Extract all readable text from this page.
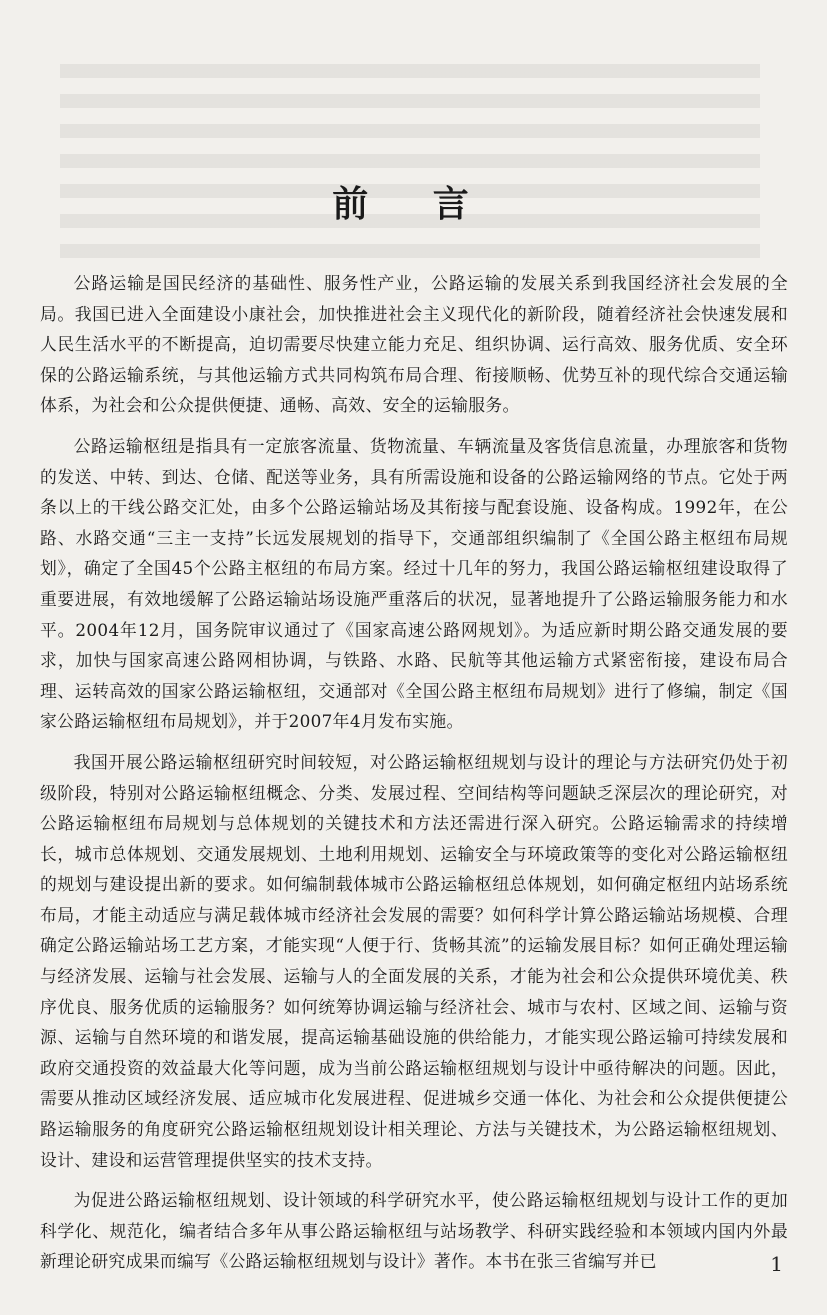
前 言

公路运输是国民经济的基础性、服务性产业，公路运输的发展关系到我国经济社会发展的全局。我国已进入全面建设小康社会，加快推进社会主义现代化的新阶段，随着经济社会快速发展和人民生活水平的不断提高，迫切需要尽快建立能力充足、组织协调、运行高效、服务优质、安全环保的公路运输系统，与其他运输方式共同构筑布局合理、衔接顺畅、优势互补的现代综合交通运输体系，为社会和公众提供便捷、通畅、高效、安全的运输服务。

公路运输枢纽是指具有一定旅客流量、货物流量、车辆流量及客货信息流量，办理旅客和货物的发送、中转、到达、仓储、配送等业务，具有所需设施和设备的公路运输网络的节点。它处于两条以上的干线公路交汇处，由多个公路运输站场及其衔接与配套设施、设备构成。1992年，在公路、水路交通“三主一支持”长远发展规划的指导下，交通部组织编制了《全国公路主枢纽布局规划》，确定了全国45个公路主枢纽的布局方案。经过十几年的努力，我国公路运输枢纽建设取得了重要进展，有效地缓解了公路运输站场设施严重落后的状况，显著地提升了公路运输服务能力和水平。2004年12月，国务院审议通过了《国家高速公路网规划》。为适应新时期公路交通发展的要求，加快与国家高速公路网相协调，与铁路、水路、民航等其他运输方式紧密衔接，建设布局合理、运转高效的国家公路运输枢纽，交通部对《全国公路主枢纽布局规划》进行了修编，制定《国家公路运输枢纽布局规划》，并于2007年4月发布实施。

我国开展公路运输枢纽研究时间较短，对公路运输枢纽规划与设计的理论与方法研究仍处于初级阶段，特别对公路运输枢纽概念、分类、发展过程、空间结构等问题缺乏深层次的理论研究，对公路运输枢纽布局规划与总体规划的关键技术和方法还需进行深入研究。公路运输需求的持续增长，城市总体规划、交通发展规划、土地利用规划、运输安全与环境政策等的变化对公路运输枢纽的规划与建设提出新的要求。如何编制载体城市公路运输枢纽总体规划，如何确定枢纽内站场系统布局，才能主动适应与满足载体城市经济社会发展的需要？如何科学计算公路运输站场规模、合理确定公路运输站场工艺方案，才能实现“人便于行、货畅其流”的运输发展目标？如何正确处理运输与经济发展、运输与社会发展、运输与人的全面发展的关系，才能为社会和公众提供环境优美、秩序优良、服务优质的运输服务？如何统筹协调运输与经济社会、城市与农村、区域之间、运输与资源、运输与自然环境的和谐发展，提高运输基础设施的供给能力，才能实现公路运输可持续发展和政府交通投资的效益最大化等问题，成为当前公路运输枢纽规划与设计中亟待解决的问题。因此，需要从推动区域经济发展、适应城市化发展进程、促进城乡交通一体化、为社会和公众提供便捷公路运输服务的角度研究公路运输枢纽规划设计相关理论、方法与关键技术，为公路运输枢纽规划、设计、建设和运营管理提供坚实的技术支持。

为促进公路运输枢纽规划、设计领域的科学研究水平，使公路运输枢纽规划与设计工作的更加科学化、规范化，编者结合多年从事公路运输枢纽与站场教学、科研实践经验和本领域内国内外最新理论研究成果而编写《公路运输枢纽规划与设计》著作。本书在张三省编写并已	1
